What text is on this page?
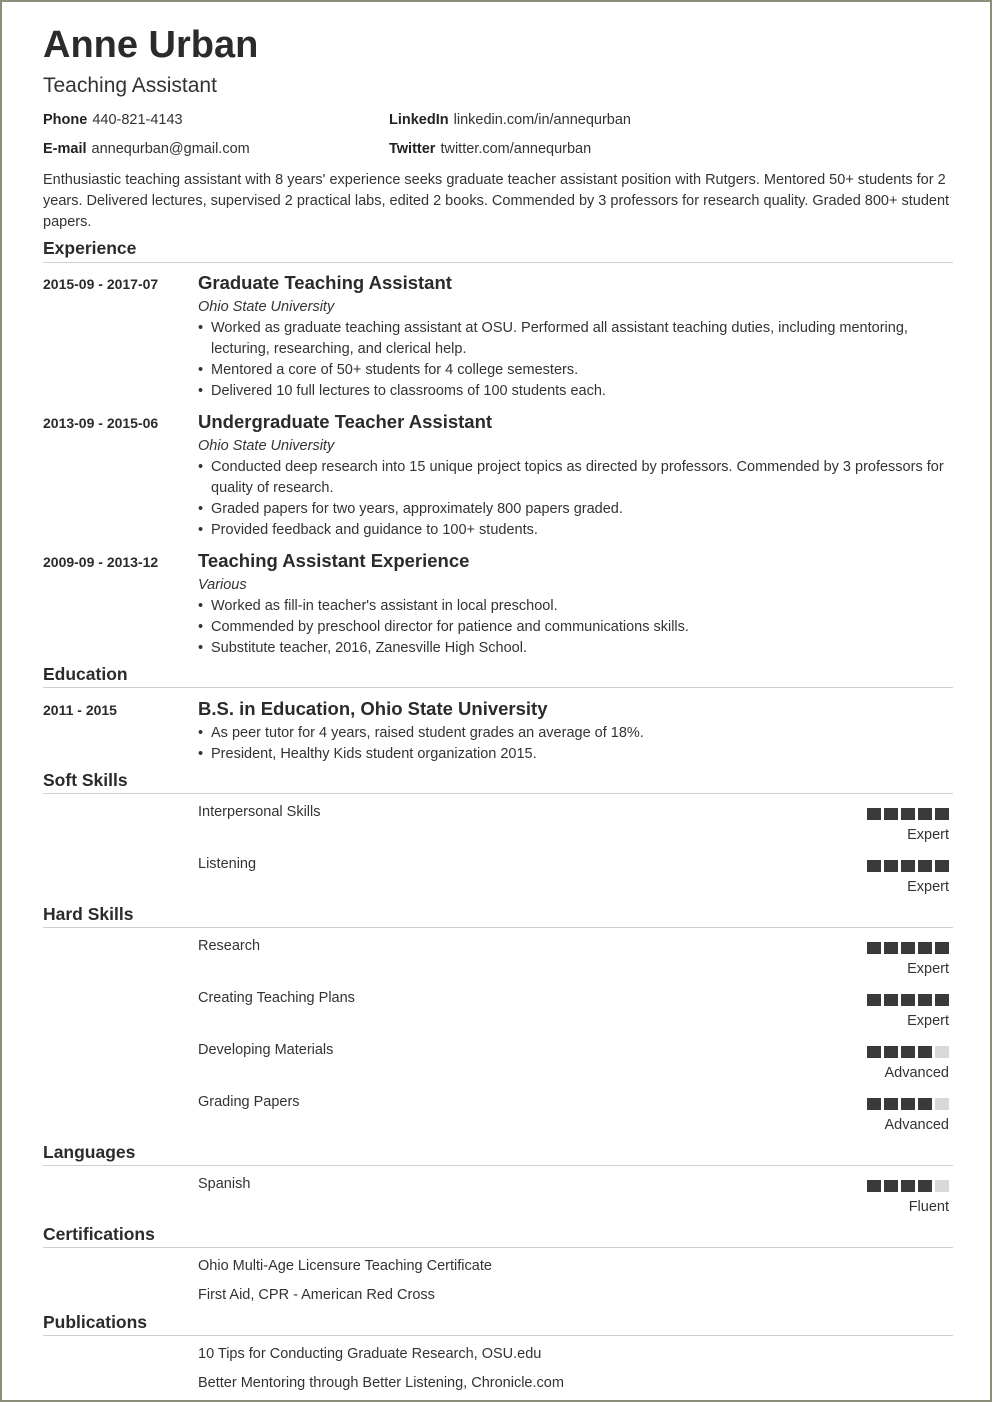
Anne Urban
Teaching Assistant
Phone 440-821-4143
E-mail annequrban@gmail.com
LinkedIn linkedin.com/in/annequrban
Twitter twitter.com/annequrban
Enthusiastic teaching assistant with 8 years' experience seeks graduate teacher assistant position with Rutgers. Mentored 50+ students for 2 years. Delivered lectures, supervised 2 practical labs, edited 2 books. Commended by 3 professors for research quality. Graded 800+ student papers.
Experience
2015-09 - 2017-07 Graduate Teaching Assistant
Ohio State University
• Worked as graduate teaching assistant at OSU. Performed all assistant teaching duties, including mentoring, lecturing, researching, and clerical help.
• Mentored a core of 50+ students for 4 college semesters.
• Delivered 10 full lectures to classrooms of 100 students each.
2013-09 - 2015-06 Undergraduate Teacher Assistant
Ohio State University
• Conducted deep research into 15 unique project topics as directed by professors. Commended by 3 professors for quality of research.
• Graded papers for two years, approximately 800 papers graded.
• Provided feedback and guidance to 100+ students.
2009-09 - 2013-12 Teaching Assistant Experience
Various
• Worked as fill-in teacher's assistant in local preschool.
• Commended by preschool director for patience and communications skills.
• Substitute teacher, 2016, Zanesville High School.
Education
2011 - 2015	B.S. in Education, Ohio State University
• As peer tutor for 4 years, raised student grades an average of 18%.
• President, Healthy Kids student organization 2015.
Soft Skills
Interpersonal Skills
Expert
Listening
Expert
Hard Skills
Research
Expert
Creating Teaching Plans
Expert
Developing Materials
Advanced
Grading Papers
Advanced
Languages
Spanish
Fluent
Certifications
Ohio Multi-Age Licensure Teaching Certificate
First Aid, CPR - American Red Cross
Publications
10 Tips for Conducting Graduate Research, OSU.edu
Better Mentoring through Better Listening, Chronicle.com
